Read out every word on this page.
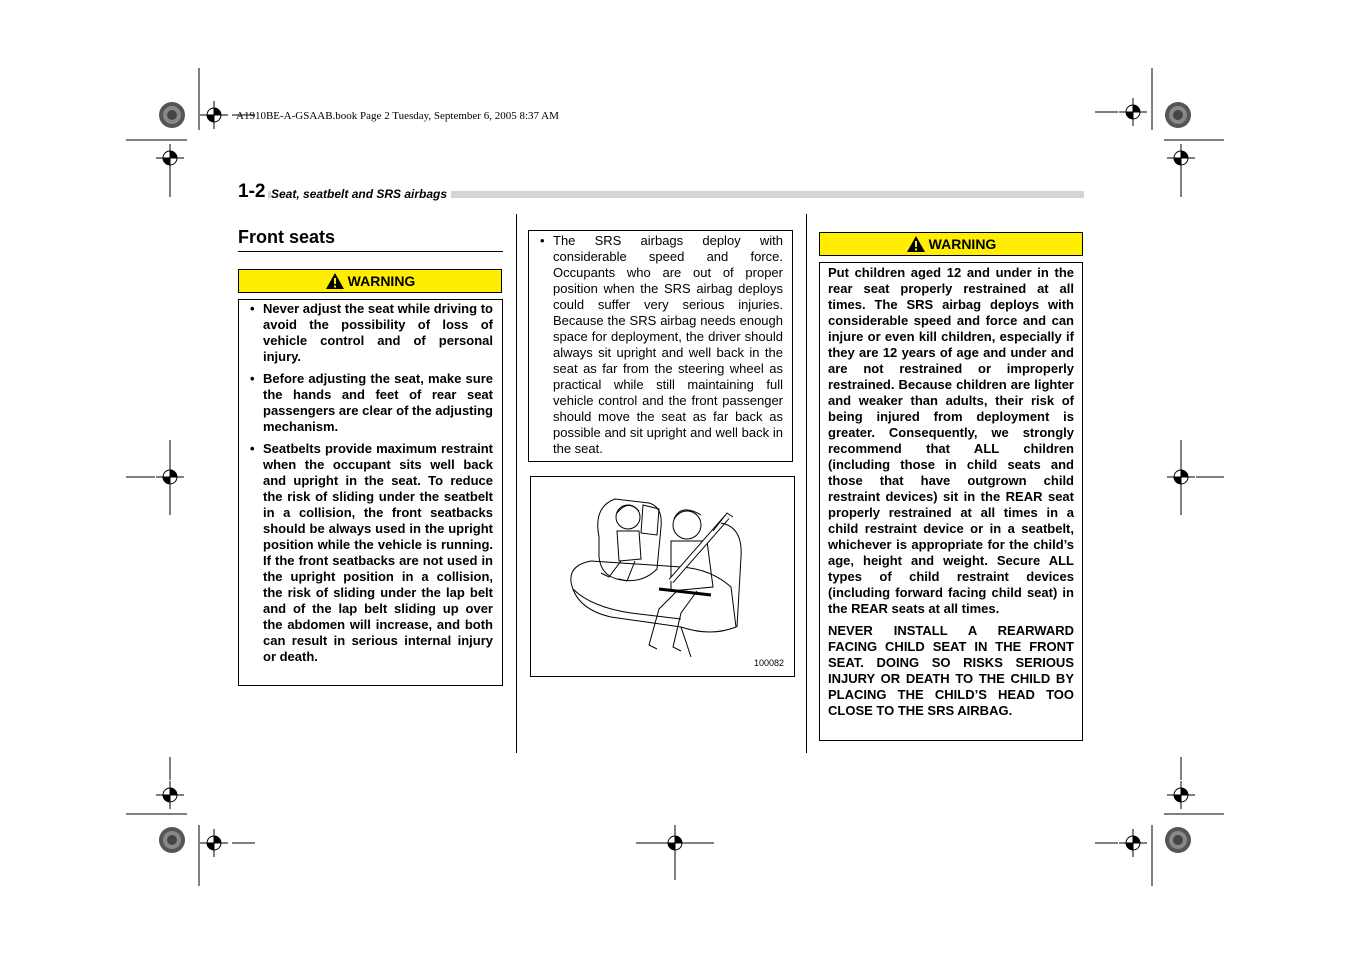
A1910BE-A-GSAAB.book Page 2 Tuesday, September 6, 2005 8:37 AM
1-2 Seat, seatbelt and SRS airbags
Front seats
WARNING
• Never adjust the seat while driving to avoid the possibility of loss of vehicle control and of personal injury.
• Before adjusting the seat, make sure the hands and feet of rear seat passengers are clear of the adjusting mechanism.
• Seatbelts provide maximum restraint when the occupant sits well back and upright in the seat. To reduce the risk of sliding under the seatbelt in a collision, the front seatbacks should be always used in the upright position while the vehicle is running. If the front seatbacks are not used in the upright position in a collision, the risk of sliding under the lap belt and of the lap belt sliding up over the abdomen will increase, and both can result in serious internal injury or death.
• The SRS airbags deploy with considerable speed and force. Occupants who are out of proper position when the SRS airbag deploys could suffer very serious injuries. Because the SRS airbag needs enough space for deployment, the driver should always sit upright and well back in the seat as far from the steering wheel as practical while still maintaining full vehicle control and the front passenger should move the seat as far back as possible and sit upright and well back in the seat.
100082
WARNING

Put children aged 12 and under in the rear seat properly restrained at all times. The SRS airbag deploys with considerable speed and force and can injure or even kill children, especially if they are 12 years of age and under and are not restrained or improperly restrained. Because children are lighter and weaker than adults, their risk of being injured from deployment is greater. Consequently, we strongly recommend that ALL children (including those in child seats and those that have outgrown child restraint devices) sit in the REAR seat properly restrained at all times in a child restraint device or in a seatbelt, whichever is appropriate for the child’s age, height and weight. Secure ALL types of child restraint devices (including forward facing child seat) in the REAR seats at all times.

NEVER INSTALL A REARWARD FACING CHILD SEAT IN THE FRONT SEAT. DOING SO RISKS SERIOUS INJURY OR DEATH TO THE CHILD BY PLACING THE CHILD’S HEAD TOO CLOSE TO THE SRS AIRBAG.
